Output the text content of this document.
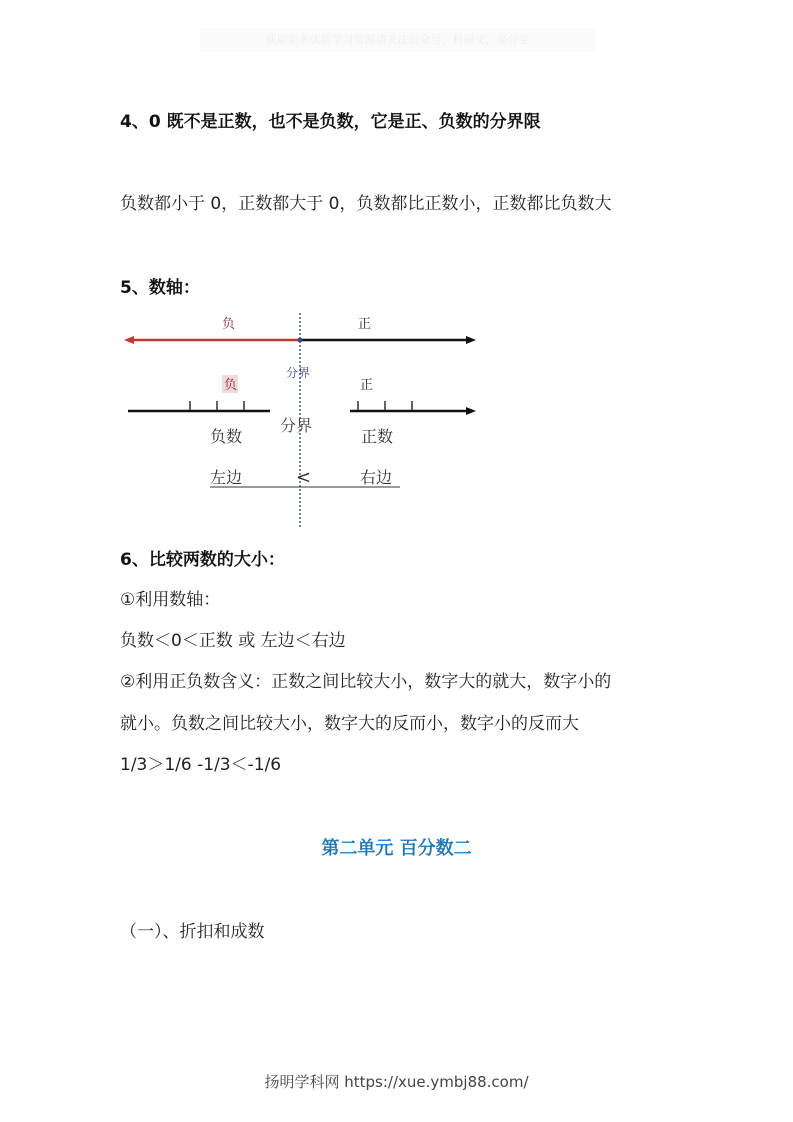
获取更多优质学习资源请关注公众号，科研文，高分宝
4、0 既不是正数，也不是负数，它是正、负数的分界限
负数都小于 0，正数都大于 0，负数都比正数小，正数都比负数大
5、数轴：
负	正
分界
负	正
分界
负数	正数
左边	<	右边
6、比较两数的大小：
①利用数轴：
负数＜0＜正数 或 左边＜右边
②利用正负数含义：正数之间比较大小，数字大的就大，数字小的
就小。负数之间比较大小，数字大的反而小，数字小的反而大
1/3＞1/6 -1/3＜-1/6
第二单元 百分数二
（一）、折扣和成数
扬明学科网 https://xue.ymbj88.com/
